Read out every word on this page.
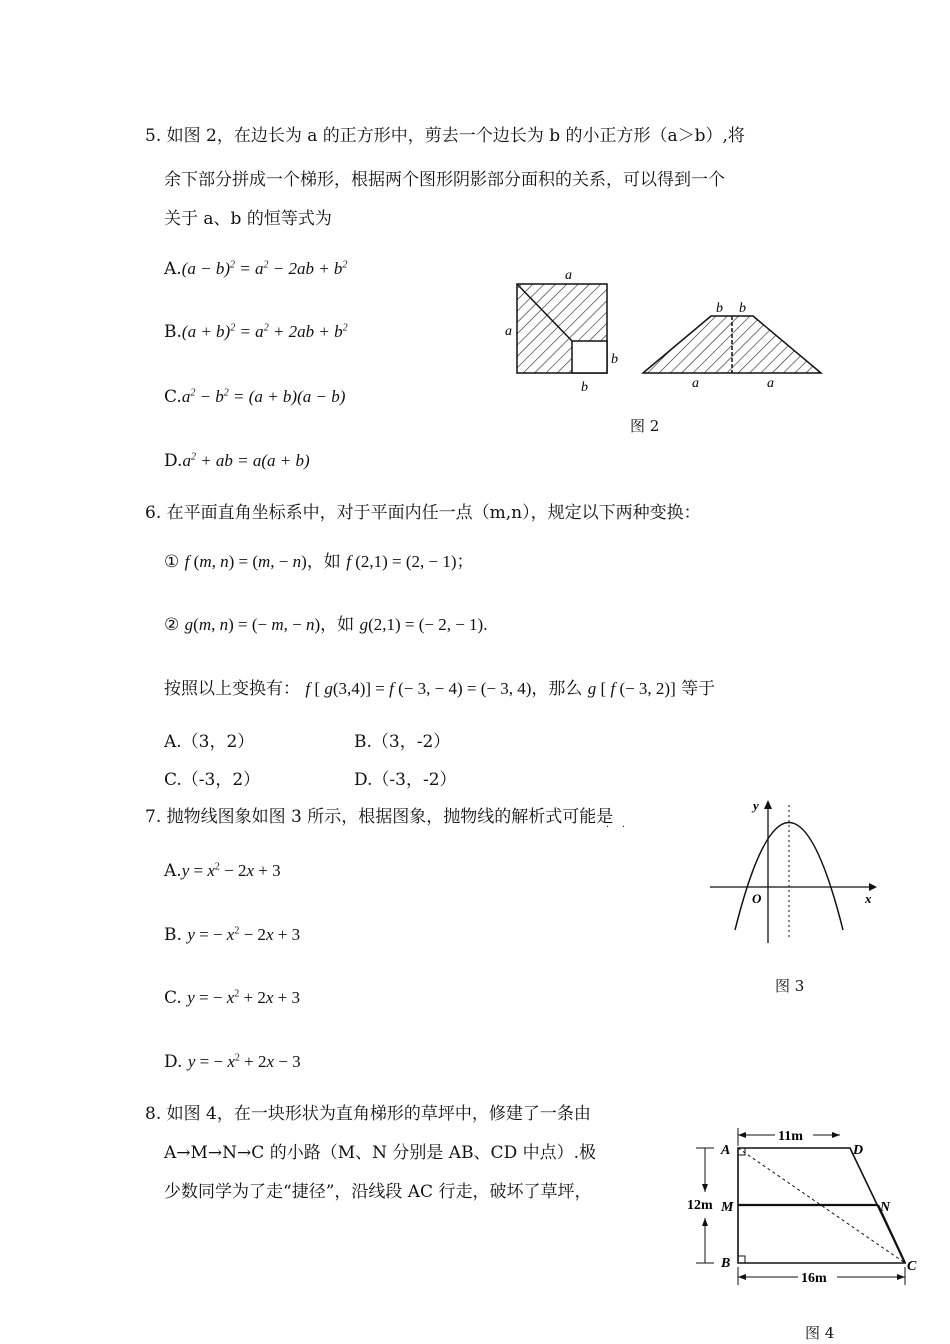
5. 如图 2，在边长为 a 的正方形中，剪去一个边长为 b 的小正方形（a＞b）,将
余下部分拼成一个梯形，根据两个图形阴影部分面积的关系，可以得到一个
关于 a、b 的恒等式为
$A.(a - b)^2 = a^2 - 2ab + b^2$
$B.(a + b)^2 = a^2 + 2ab + b^2$
$C.a^2 - b^2 = (a + b)(a - b)$
$D.a^2$ + ab = a(a + b)
a
a
b
b
b b
a	a
图 2
6. 在平面直角坐标系中，对于平面内任一点（m,n），规定以下两种变换：
① f (m, n) = (m, − n)，如 f (2,1) = (2, − 1)；
② g(m, n) = (− m, − n)，如 g(2,1) = (− 2, − 1).
按照以上变换有： f [ g(3,4)] = f (− 3, − 4) = (− 3, 4)，那么 g [ f (− 3, 2)] 等于
A.（3，2）	B.（3，-2）
C.（-3，2）	D.（-3，-2）
7. 抛物线图象如图 3 所示，根据图象，抛物线的解析式可能是
·    ·
$A.y = x^2 - 2x + 3$
B. y = − $x^2 - 2x + 3$
C. y = − $x^2 + 2x + 3$
D. y = − $x^2 + 2x - 3$
y
x
O
图 3
8. 如图 4，在一块形状为直角梯形的草坪中，修建了一条由
A→M→N→C 的小路（M、N 分别是 AB、CD 中点）.极
少数同学为了走“捷径”，沿线段 AC 行走，破坏了草坪，
11m
12m
A
M
B
D
N
C
16m
图 4
